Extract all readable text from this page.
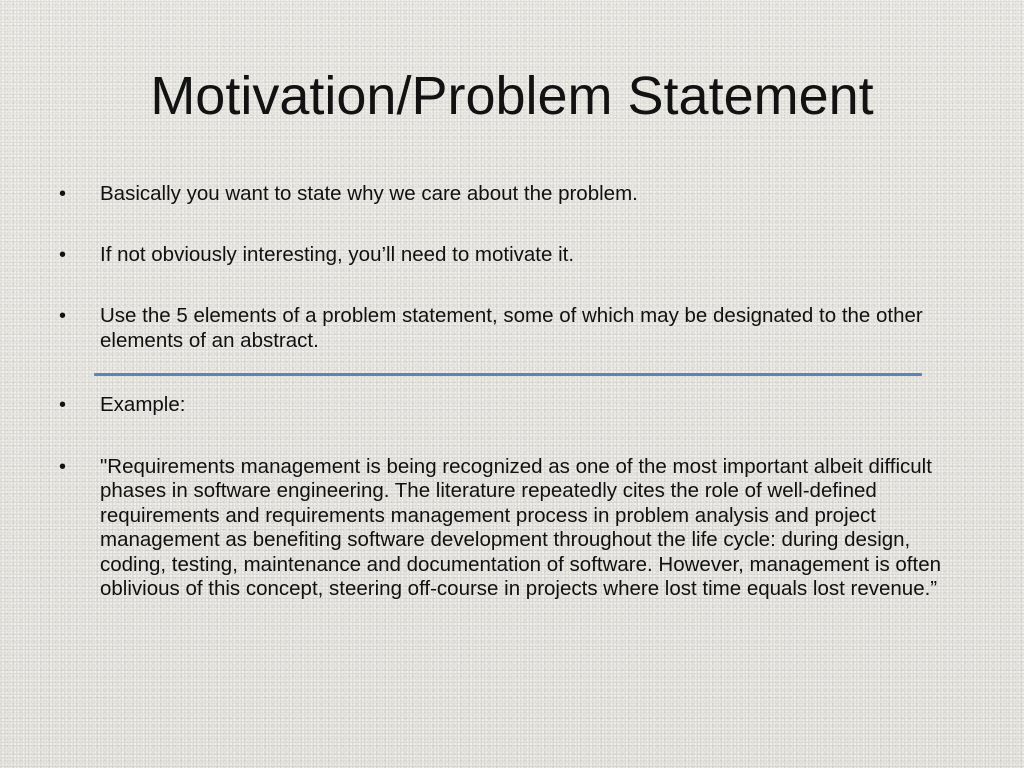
Motivation/Problem Statement
• Basically you want to state why we care about the problem.
• If not obviously interesting, you’ll need to motivate it.
• Use the 5 elements of a problem statement, some of which may be designated to the other elements of an abstract.
• Example:
• "Requirements management is being recognized as one of the most important albeit difficult phases in software engineering. The literature repeatedly cites the role of well-defined requirements and requirements management process in problem analysis and project management as benefiting software development throughout the life cycle: during design, coding, testing, maintenance and documentation of software. However, management is often oblivious of this concept, steering off-course in projects where lost time equals lost revenue.”
